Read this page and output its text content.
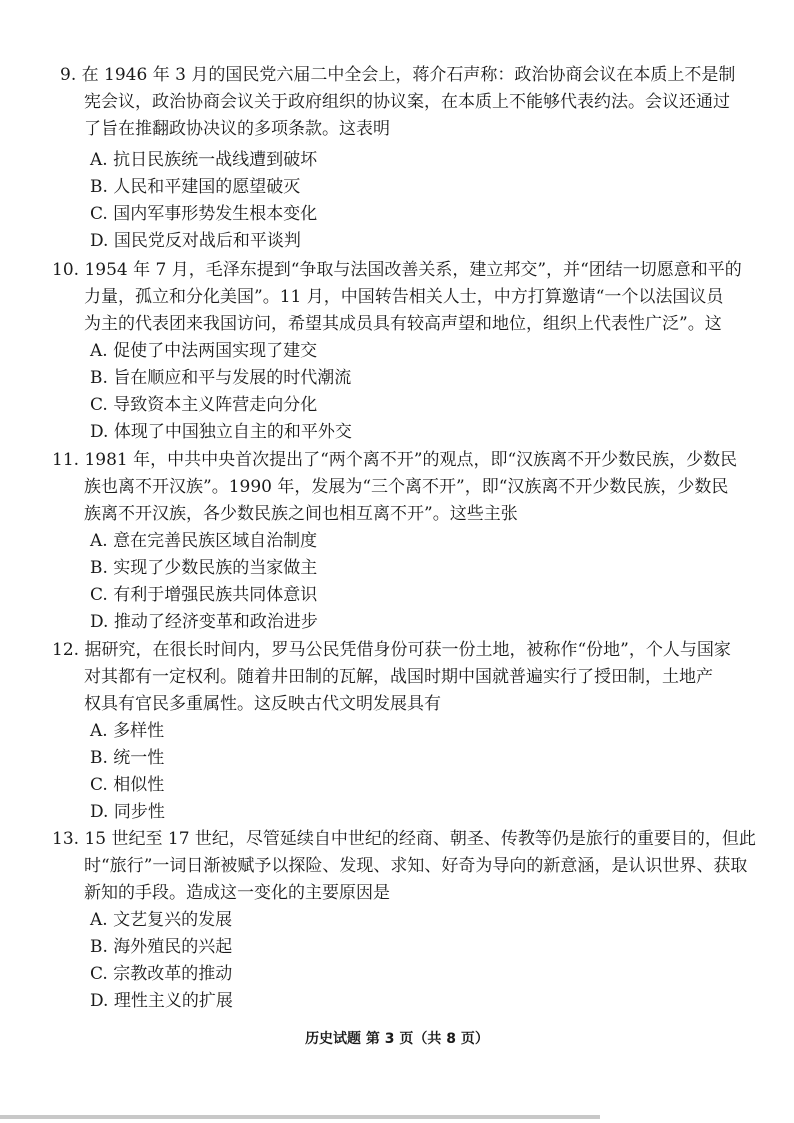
9. 在 1946 年 3 月的国民党六届二中全会上，蒋介石声称：政治协商会议在本质上不是制
宪会议，政治协商会议关于政府组织的协议案，在本质上不能够代表约法。会议还通过
了旨在推翻政协决议的多项条款。这表明
A. 抗日民族统一战线遭到破坏
B. 人民和平建国的愿望破灭
C. 国内军事形势发生根本变化
D. 国民党反对战后和平谈判
10. 1954 年 7 月，毛泽东提到“争取与法国改善关系，建立邦交”，并“团结一切愿意和平的
力量，孤立和分化美国”。11 月，中国转告相关人士，中方打算邀请“一个以法国议员
为主的代表团来我国访问，希望其成员具有较高声望和地位，组织上代表性广泛”。这
A. 促使了中法两国实现了建交
B. 旨在顺应和平与发展的时代潮流
C. 导致资本主义阵营走向分化
D. 体现了中国独立自主的和平外交
11. 1981 年，中共中央首次提出了“两个离不开”的观点，即“汉族离不开少数民族，少数民
族也离不开汉族”。1990 年，发展为“三个离不开”，即“汉族离不开少数民族，少数民
族离不开汉族，各少数民族之间也相互离不开”。这些主张
A. 意在完善民族区域自治制度
B. 实现了少数民族的当家做主
C. 有利于增强民族共同体意识
D. 推动了经济变革和政治进步
12. 据研究，在很长时间内，罗马公民凭借身份可获一份土地，被称作“份地”，个人与国家
对其都有一定权利。随着井田制的瓦解，战国时期中国就普遍实行了授田制，土地产
权具有官民多重属性。这反映古代文明发展具有
A. 多样性
B. 统一性
C. 相似性
D. 同步性
13. 15 世纪至 17 世纪，尽管延续自中世纪的经商、朝圣、传教等仍是旅行的重要目的，但此
时“旅行”一词日渐被赋予以探险、发现、求知、好奇为导向的新意涵，是认识世界、获取
新知的手段。造成这一变化的主要原因是
A. 文艺复兴的发展
B. 海外殖民的兴起
C. 宗教改革的推动
D. 理性主义的扩展
历史试题 第 3 页（共 8 页）
